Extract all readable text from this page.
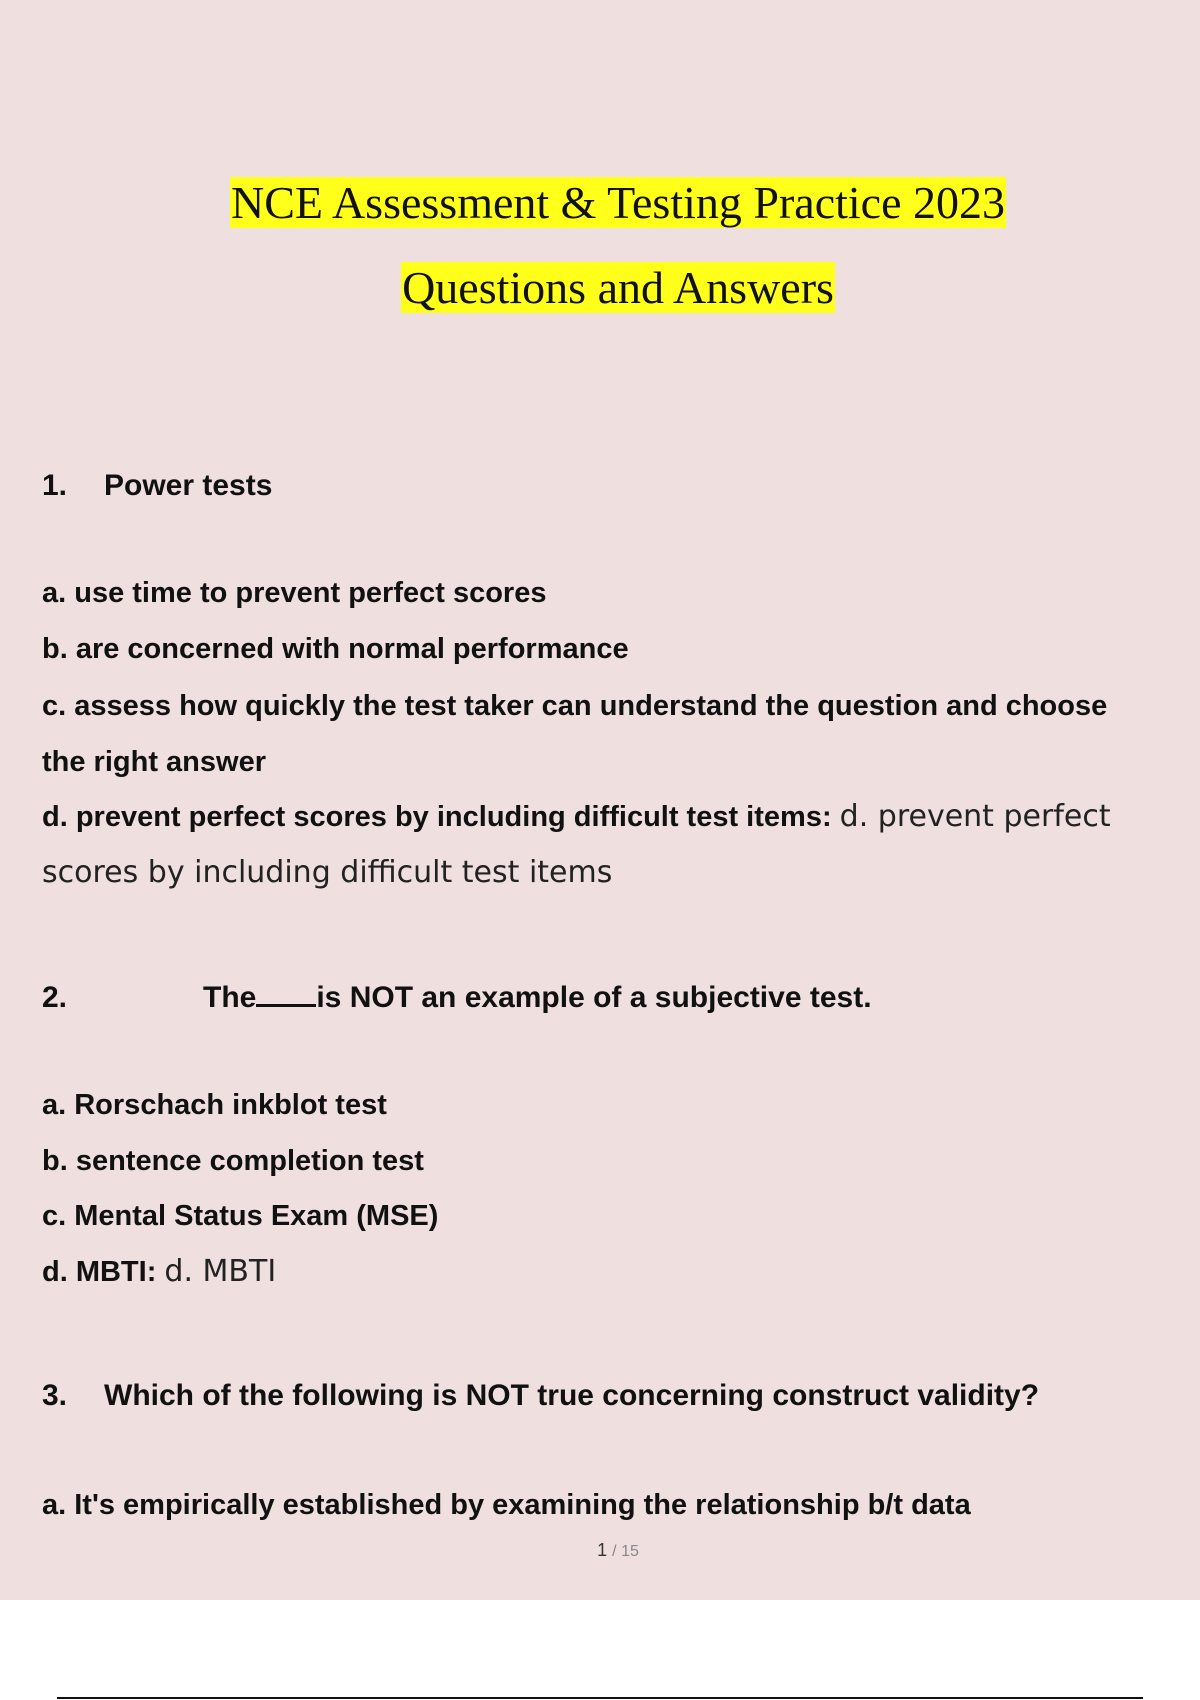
NCE Assessment & Testing Practice 2023
Questions and Answers
1. Power tests
a. use time to prevent perfect scores
b. are concerned with normal performance
c. assess how quickly the test taker can understand the question and choose the right answer
d. prevent perfect scores by including difficult test items: d. prevent perfect scores by including difficult test items
2.	The is NOT an example of a subjective test.
a. Rorschach inkblot test
b. sentence completion test
c. Mental Status Exam (MSE)
d. MBTI: d. MBTI
3. Which of the following is NOT true concerning construct validity?
a. It's empirically established by examining the relationship b/t data
1 / 15
